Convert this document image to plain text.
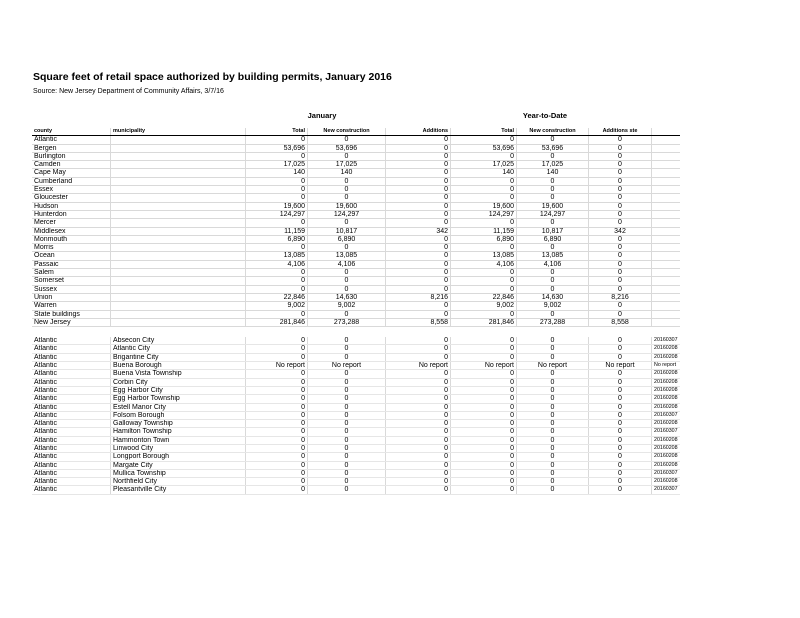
Square feet of retail space authorized by building permits, January 2016
Source: New Jersey Department of Community Affairs, 3/7/16
January	Year-to-Date
county	municipality	Total	New construction	Additions	Total	New construction	Additions ste	
Atlantic		0	0	0	0	0	0	
Bergen		53,696	53,696	0	53,696	53,696	0	
Burlington		0	0	0	0	0	0	
Camden		17,025	17,025	0	17,025	17,025	0	
Cape May		140	140	0	140	140	0	
Cumberland		0	0	0	0	0	0	
Essex		0	0	0	0	0	0	
Gloucester		0	0	0	0	0	0	
Hudson		19,600	19,600	0	19,600	19,600	0	
Hunterdon		124,297	124,297	0	124,297	124,297	0	
Mercer		0	0	0	0	0	0	
Middlesex		11,159	10,817	342	11,159	10,817	342	
Monmouth		6,890	6,890	0	6,890	6,890	0	
Morris		0	0	0	0	0	0	
Ocean		13,085	13,085	0	13,085	13,085	0	
Passaic		4,106	4,106	0	4,106	4,106	0	
Salem		0	0	0	0	0	0	
Somerset		0	0	0	0	0	0	
Sussex		0	0	0	0	0	0	
Union		22,846	14,630	8,216	22,846	14,630	8,216	
Warren		9,002	9,002	0	9,002	9,002	0	
State buildings		0	0	0	0	0	0	
New Jersey		281,846	273,288	8,558	281,846	273,288	8,558	

Atlantic	Absecon City	0	0	0	0	0	0	20160307
Atlantic	Atlantic City	0	0	0	0	0	0	20160208
Atlantic	Brigantine City	0	0	0	0	0	0	20160208
Atlantic	Buena Borough	No report	No report	No report	No report	No report	No report	No report
Atlantic	Buena Vista Township	0	0	0	0	0	0	20160208
Atlantic	Corbin City	0	0	0	0	0	0	20160208
Atlantic	Egg Harbor City	0	0	0	0	0	0	20160208
Atlantic	Egg Harbor Township	0	0	0	0	0	0	20160208
Atlantic	Estell Manor City	0	0	0	0	0	0	20160208
Atlantic	Folsom Borough	0	0	0	0	0	0	20160307
Atlantic	Galloway Township	0	0	0	0	0	0	20160208
Atlantic	Hamilton Township	0	0	0	0	0	0	20160307
Atlantic	Hammonton Town	0	0	0	0	0	0	20160208
Atlantic	Linwood City	0	0	0	0	0	0	20160208
Atlantic	Longport Borough	0	0	0	0	0	0	20160208
Atlantic	Margate City	0	0	0	0	0	0	20160208
Atlantic	Mullica Township	0	0	0	0	0	0	20160307
Atlantic	Northfield City	0	0	0	0	0	0	20160208
Atlantic	Pleasantville City	0	0	0	0	0	0	20160307
